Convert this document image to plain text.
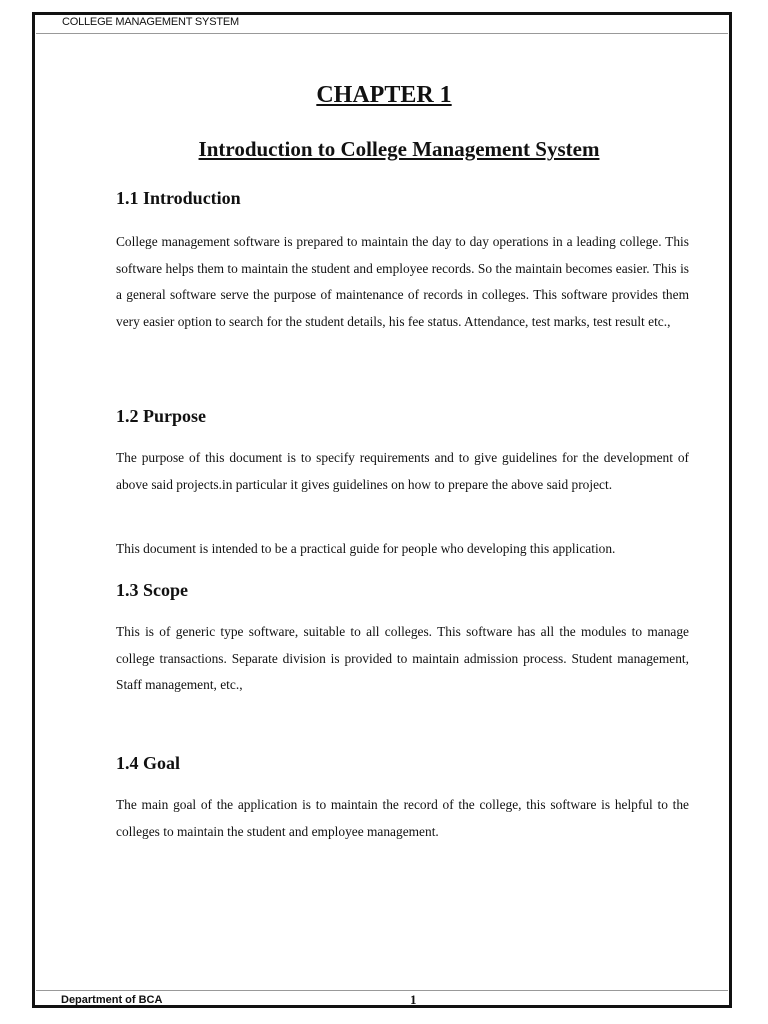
COLLEGE MANAGEMENT SYSTEM
CHAPTER 1
Introduction to College Management System
1.1 Introduction

College management software is prepared to maintain the day to day operations in a leading college. This software helps them to maintain the student and employee records. So the maintain becomes easier. This is a general software serve the purpose of maintenance of records in colleges. This software provides them very easier option to search for the student details, his fee status. Attendance, test marks, test result etc.,

1.2 Purpose

The purpose of this document is to specify requirements and to give guidelines for the development of above said projects.in particular it gives guidelines on how to prepare the above said project.

This document is intended to be a practical guide for people who developing this application.

1.3 Scope

This is of generic type software, suitable to all colleges. This software has all the modules to manage college transactions. Separate division is provided to maintain admission process. Student management, Staff management, etc.,

1.4 Goal

The main goal of the application is to maintain the record of the college, this software is helpful to the colleges to maintain the student and employee management.

Department of BCA	1
